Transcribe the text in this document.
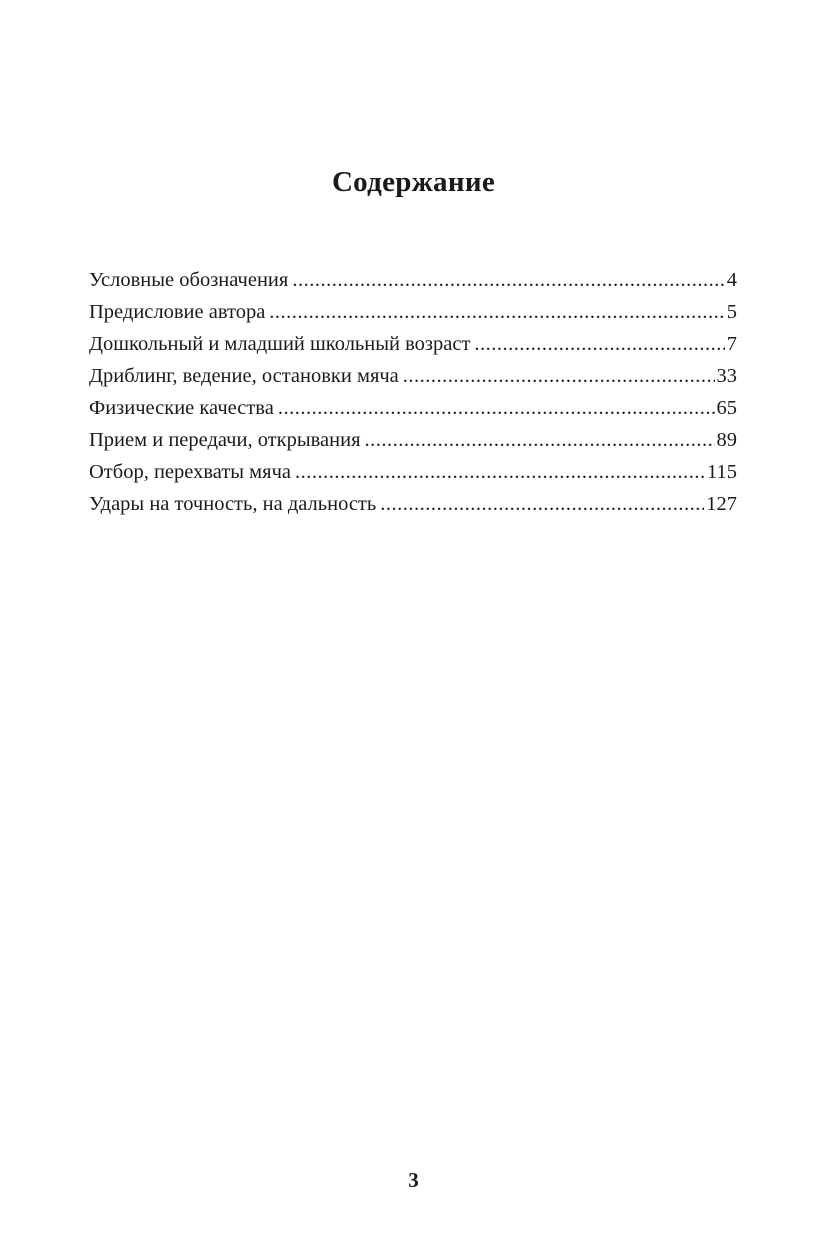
Содержание
Условные обозначения .....	4
Предисловие автора .....	5
Дошкольный и младший школьный возраст .....	7
Дриблинг, ведение, остановки мяча .....	33
Физические качества .....	65
Прием и передачи, открывания .....	89
Отбор, перехваты мяча .....	115
Удары на точность, на дальность .....	127
3
